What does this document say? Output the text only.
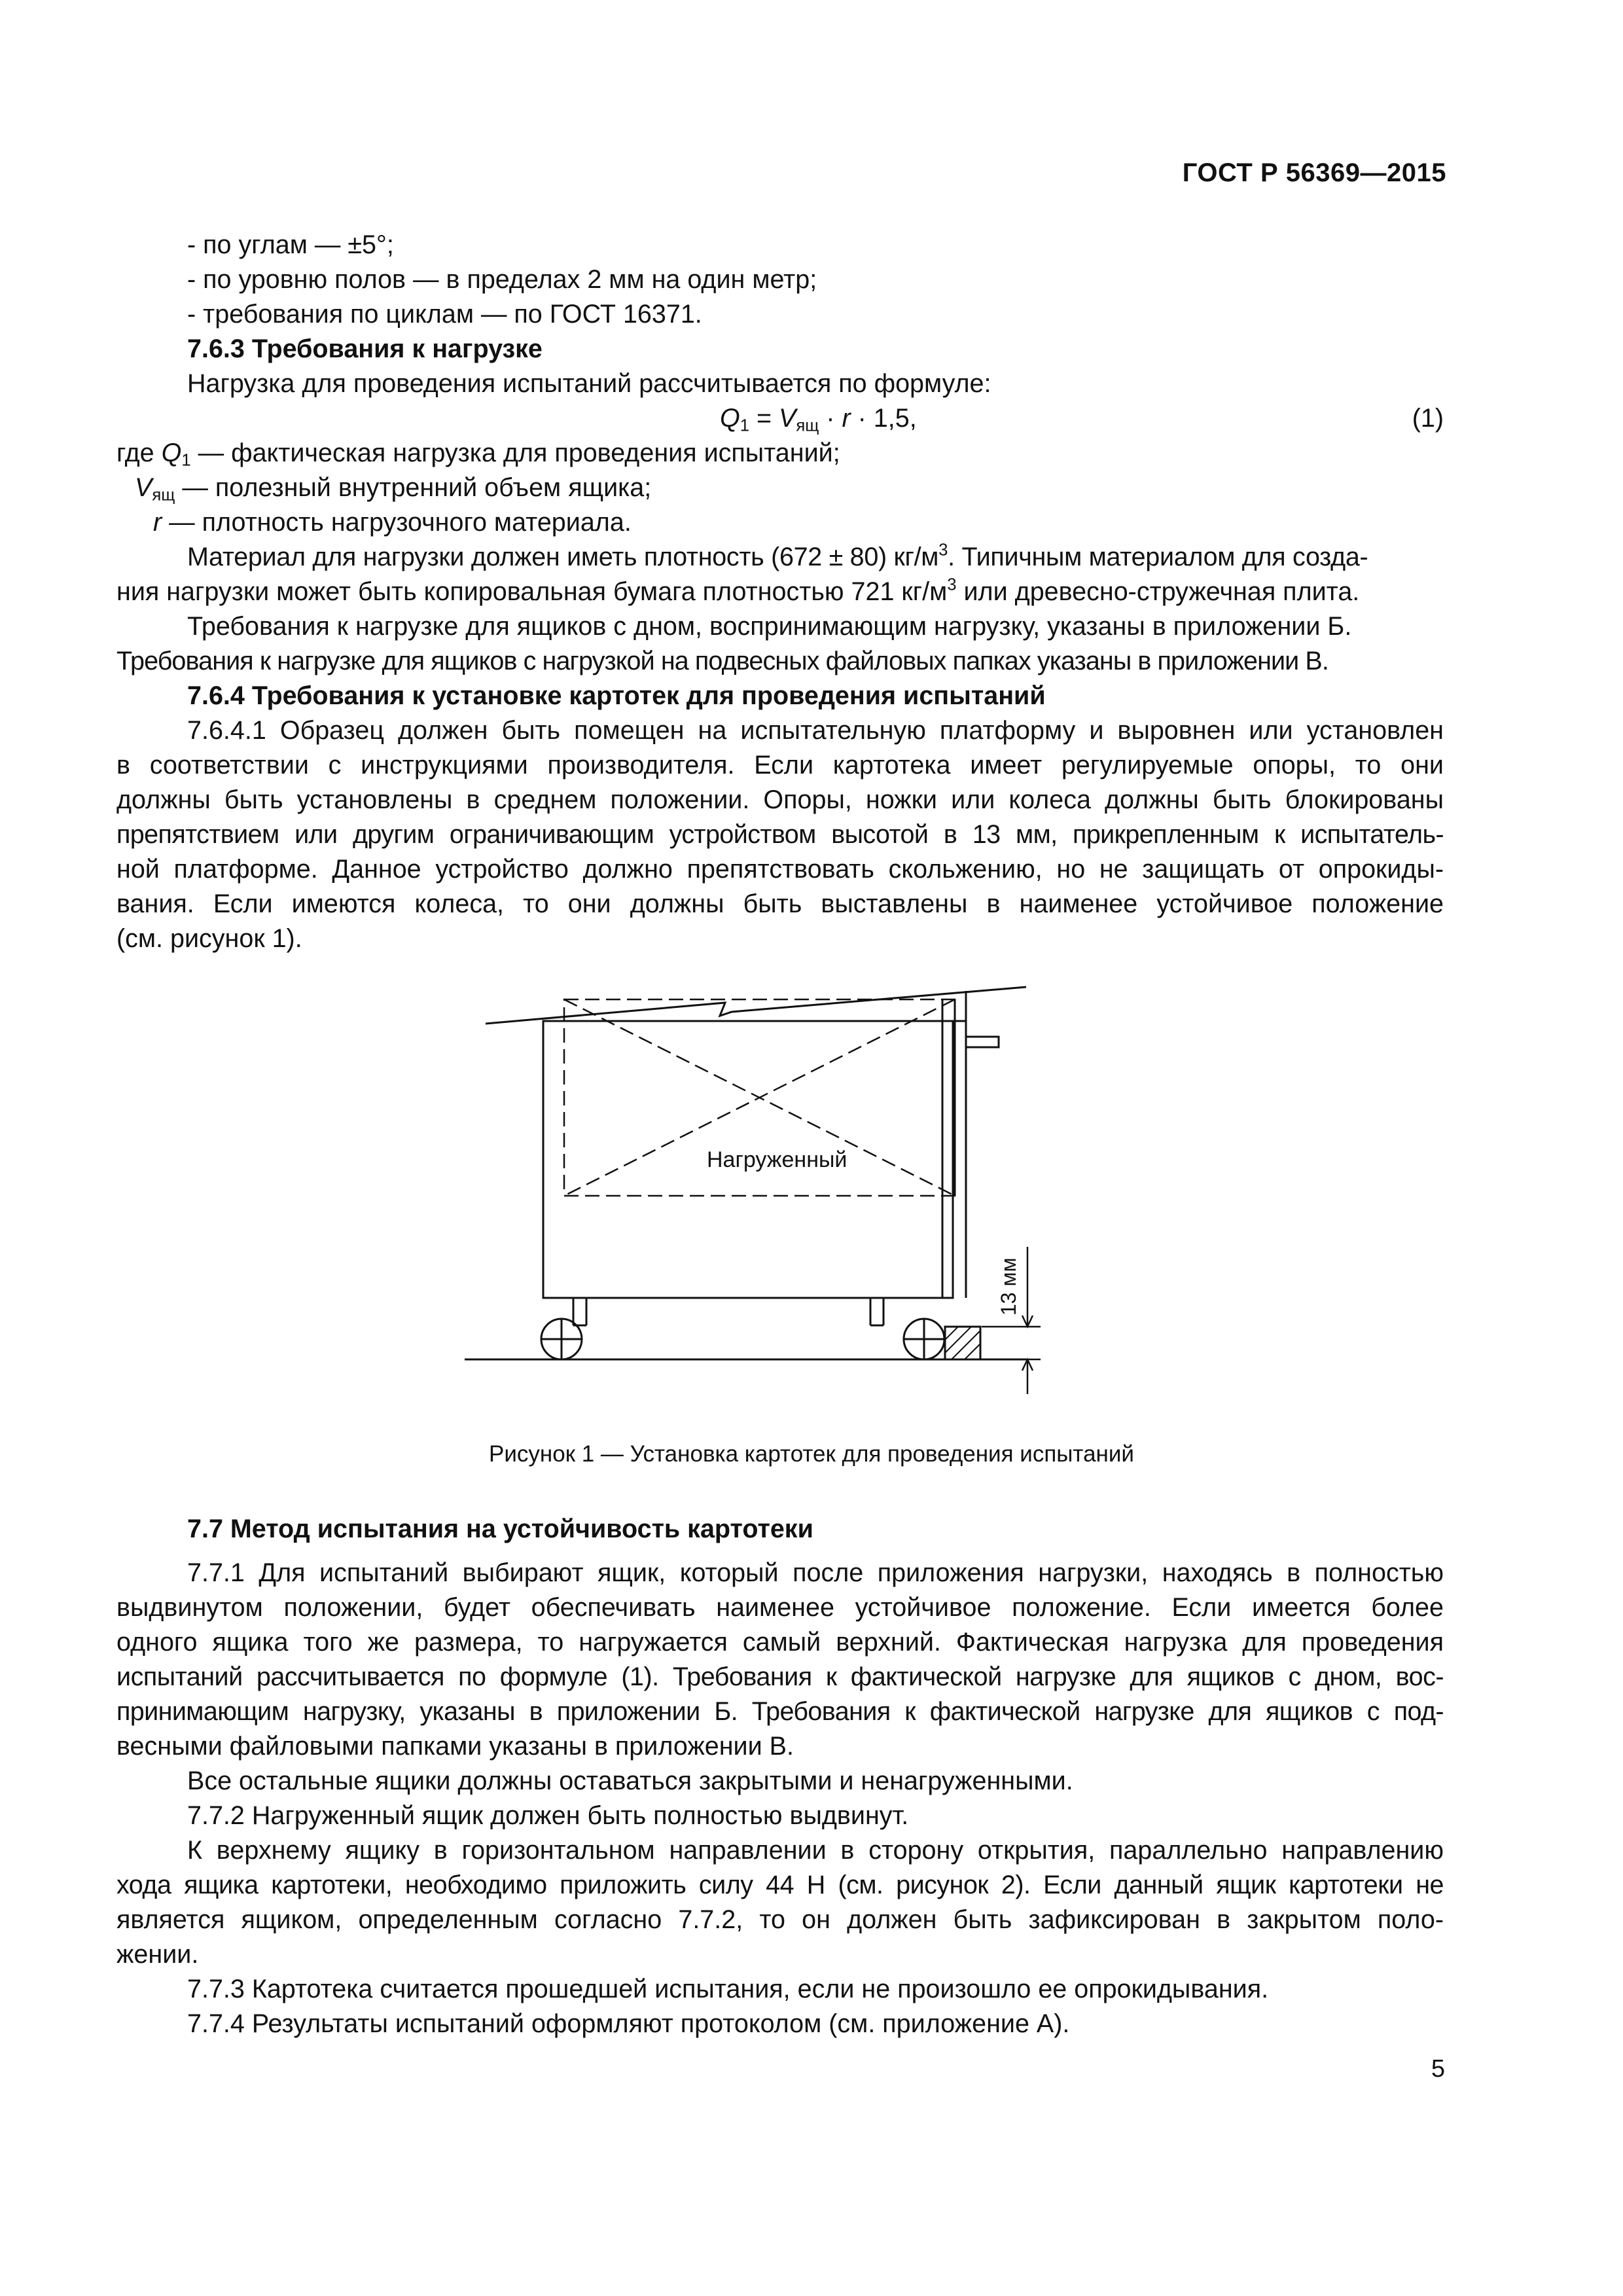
ГОСТ Р 56369—2015
- по углам — ±5°;
- по уровню полов — в пределах 2 мм на один метр;
- требования по циклам — по ГОСТ 16371.
7.6.3 Требования к нагрузке
Нагрузка для проведения испытаний рассчитывается по формуле:
$Q_1 = V_{ящ} \cdot r \cdot 1,5$,	(1)
где $Q_1$ — фактическая нагрузка для проведения испытаний;
$V_{ящ}$ — полезный внутренний объем ящика;
r — плотность нагрузочного материала.
Материал для нагрузки должен иметь плотность (672 ± 80) $кг/м^3$. Типичным материалом для созда-
ния нагрузки может быть копировальная бумага плотностью 721 $кг/м^3$ или древесно-стружечная плита.
Требования к нагрузке для ящиков с дном, воспринимающим нагрузку, указаны в приложении Б.
Требования к нагрузке для ящиков с нагрузкой на подвесных файловых папках указаны в приложении В.
7.6.4 Требования к установке картотек для проведения испытаний
7.6.4.1 Образец должен быть помещен на испытательную платформу и выровнен или установлен
в соответствии с инструкциями производителя. Если картотека имеет регулируемые опоры, то они
должны быть установлены в среднем положении. Опоры, ножки или колеса должны быть блокированы
препятствием или другим ограничивающим устройством высотой в 13 мм, прикрепленным к испытатель-
ной платформе. Данное устройство должно препятствовать скольжению, но не защищать от опрокиды-
вания. Если имеются колеса, то они должны быть выставлены в наименее устойчивое положение
(см. рисунок 1).
Нагруженный
13 мм
Рисунок 1 — Установка картотек для проведения испытаний
7.7 Метод испытания на устойчивость картотеки
7.7.1 Для испытаний выбирают ящик, который после приложения нагрузки, находясь в полностью
выдвинутом положении, будет обеспечивать наименее устойчивое положение. Если имеется более
одного ящика того же размера, то нагружается самый верхний. Фактическая нагрузка для проведения
испытаний рассчитывается по формуле (1). Требования к фактической нагрузке для ящиков с дном, вос-
принимающим нагрузку, указаны в приложении Б. Требования к фактической нагрузке для ящиков с под-
весными файловыми папками указаны в приложении В.
Все остальные ящики должны оставаться закрытыми и ненагруженными.
7.7.2 Нагруженный ящик должен быть полностью выдвинут.
К верхнему ящику в горизонтальном направлении в сторону открытия, параллельно направлению
хода ящика картотеки, необходимо приложить силу 44 Н (см. рисунок 2). Если данный ящик картотеки не
является ящиком, определенным согласно 7.7.2, то он должен быть зафиксирован в закрытом поло-
жении.
7.7.3 Картотека считается прошедшей испытания, если не произошло ее опрокидывания.
7.7.4 Результаты испытаний оформляют протоколом (см. приложение А).
5
